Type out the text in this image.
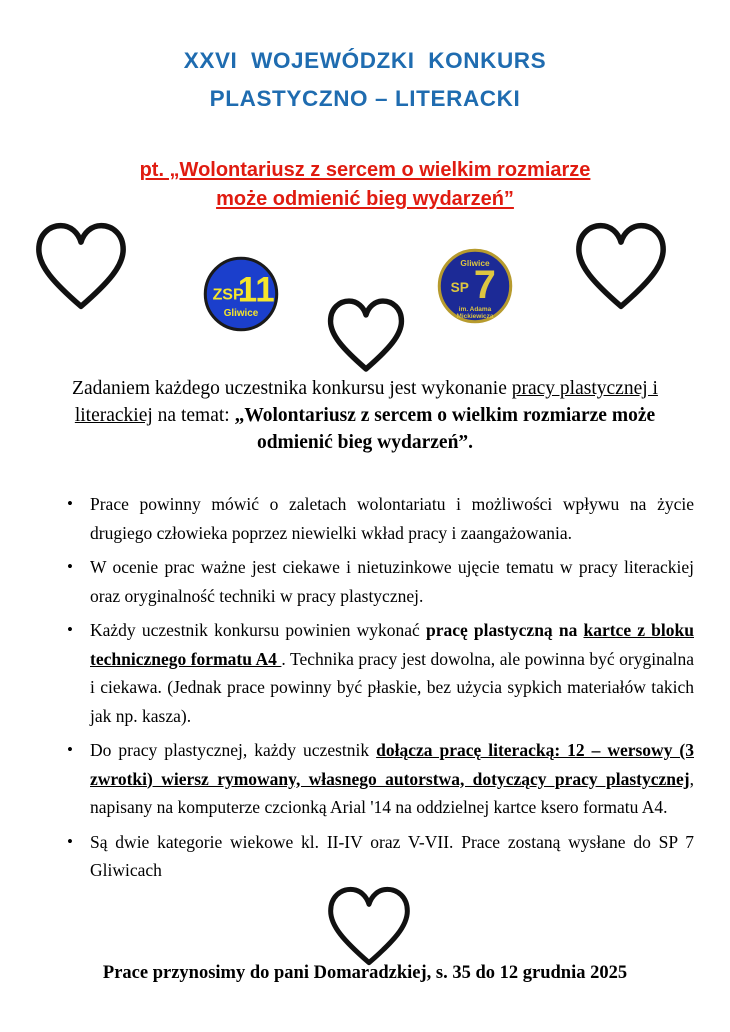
XXVI  WOJEWÓDZKI  KONKURS
PLASTYCZNO – LITERACKI
pt. „Wolontariusz z sercem o wielkim rozmiarze
może odmienić bieg wydarzeń”
ZSP
11
Gliwice
Gliwice
SP 7
im. Adama
Mickiewicza
Zadaniem każdego uczestnika konkursu jest wykonanie pracy plastycznej i literackiej na temat: „Wolontariusz z sercem o wielkim rozmiarze może odmienić bieg wydarzeń”.
• Prace powinny mówić o zaletach wolontariatu i możliwości wpływu na życie drugiego człowieka poprzez niewielki wkład pracy i zaangażowania.
• W ocenie prac ważne jest ciekawe i nietuzinkowe ujęcie tematu w pracy literackiej oraz oryginalność techniki w pracy plastycznej.
• Każdy uczestnik konkursu powinien wykonać pracę plastyczną na kartce z bloku technicznego formatu A4 . Technika pracy jest dowolna, ale powinna być oryginalna i ciekawa. (Jednak prace powinny być płaskie, bez użycia sypkich materiałów takich jak np. kasza).
• Do pracy plastycznej, każdy uczestnik dołącza pracę literacką: 12 – wersowy (3 zwrotki) wiersz rymowany, własnego autorstwa, dotyczący pracy plastycznej, napisany na komputerze czcionką Arial '14 na oddzielnej kartce ksero formatu A4.
• Są dwie kategorie wiekowe kl. II-IV oraz V-VII. Prace zostaną wysłane do SP 7 Gliwicach
Prace przynosimy do pani Domaradzkiej, s. 35 do 12 grudnia 2025
